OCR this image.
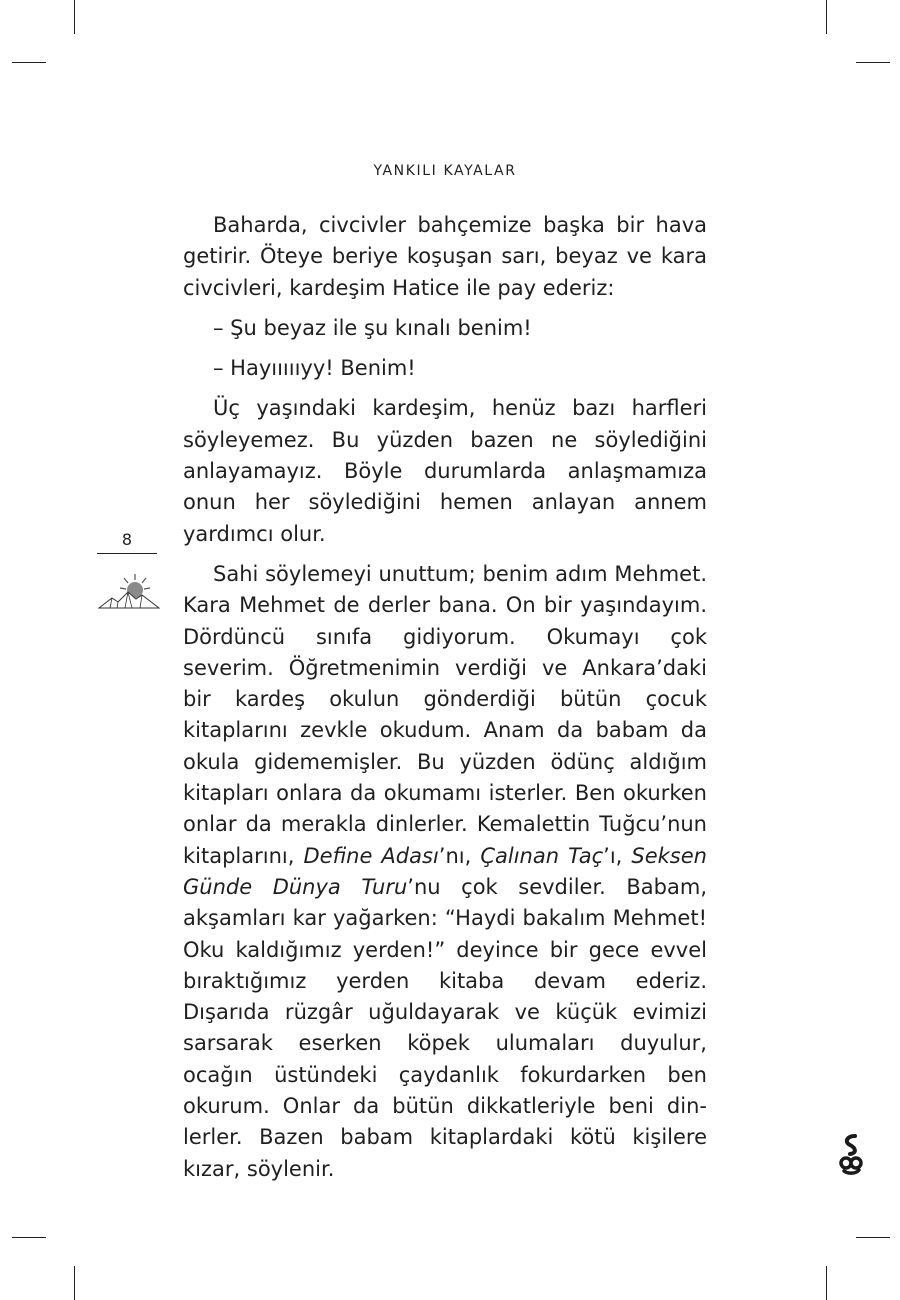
YANKILI KAYALAR

Baharda, civcivler bahçemize başka bir hava getirir. Öteye beriye koşuşan sarı, beyaz ve kara civcivleri, kardeşim Hatice ile pay ederiz:

– Şu beyaz ile şu kınalı benim!

– Hayıııııyy! Benim!

Üç yaşındaki kardeşim, henüz bazı harfleri söyleyemez. Bu yüzden bazen ne söylediğini anlayamayız. Böyle durumlarda anlaşmamıza onun her söylediğini hemen anlayan annem yardımcı olur.

Sahi söylemeyi unuttum; benim adım Mehmet. Kara Mehmet de derler bana. On bir yaşındayım. Dördüncü sınıfa gidiyorum. Okumayı çok severim. Öğretmenimin verdiği ve Ankara’daki bir kardeş okulun gönderdiği bütün çocuk kitaplarını zevkle okudum. Anam da babam da okula gidememişler. Bu yüzden ödünç aldığım kitapları onlara da okumamı isterler. Ben okurken onlar da merakla dinlerler. Kemalettin Tuğcu’nun kitaplarını, Define Adası’nı, Çalınan Taç’ı, Seksen Günde Dünya Turu’nu çok sevdiler. Babam, akşamları kar yağarken: “Haydi bakalım Mehmet! Oku kaldığımız yerden!” deyince bir gece evvel bıraktığımız yerden kitaba devam ederiz. Dışarıda rüzgâr uğuldayarak ve küçük evimizi sarsarak eserken köpek ulumaları duyulur, ocağın üstündeki çaydanlık fokurdarken ben okurum. Onlar da bütün dikkatleriyle beni dinlerler. Bazen babam kitaplardaki kötü kişilere kızar, söylenir.

8
